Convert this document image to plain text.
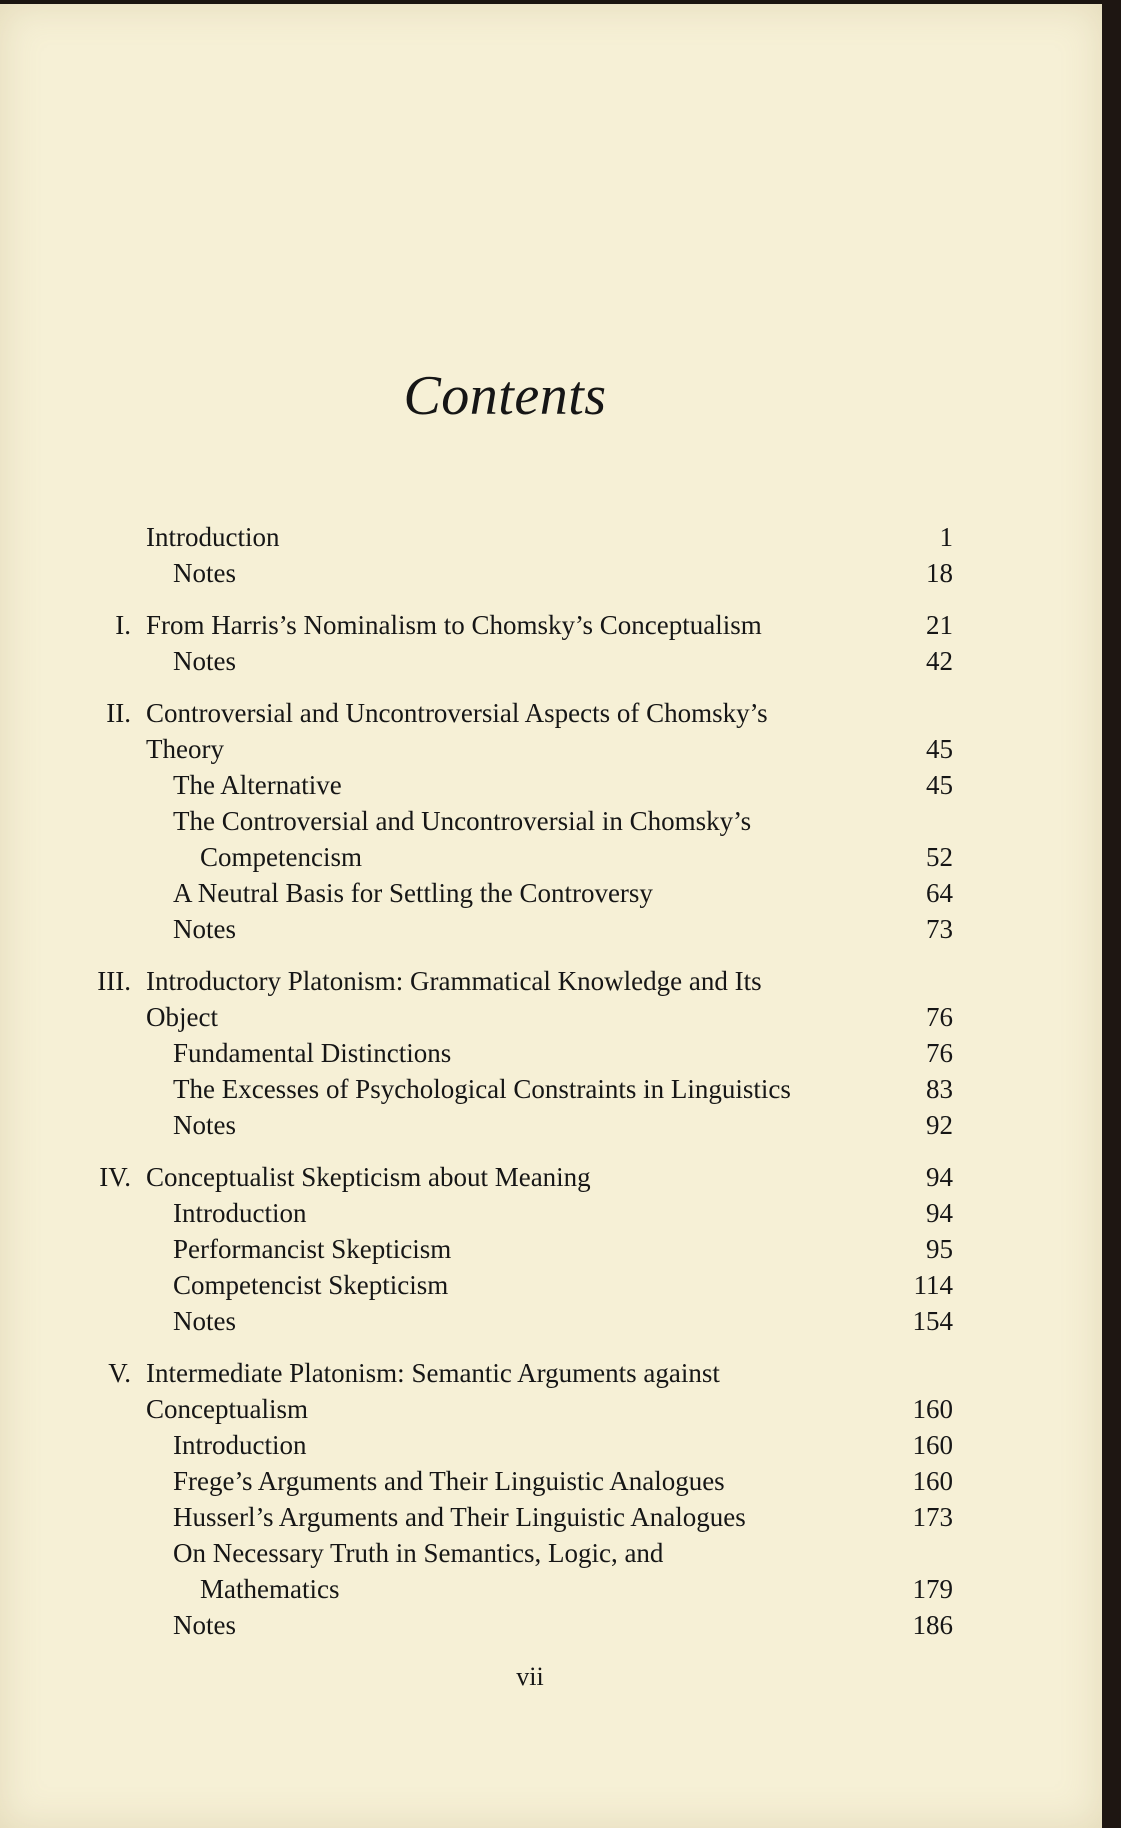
Contents
Introduction	1
Notes	18
I. From Harris’s Nominalism to Chomsky’s Conceptualism	21
Notes	42
II. Controversial and Uncontroversial Aspects of Chomsky’s
Theory	45
The Alternative	45
The Controversial and Uncontroversial in Chomsky’s
Competencism	52
A Neutral Basis for Settling the Controversy	64
Notes	73
III. Introductory Platonism: Grammatical Knowledge and Its
Object	76
Fundamental Distinctions	76
The Excesses of Psychological Constraints in Linguistics	83
Notes	92
IV. Conceptualist Skepticism about Meaning	94
Introduction	94
Performancist Skepticism	95
Competencist Skepticism	114
Notes	154
V. Intermediate Platonism: Semantic Arguments against
Conceptualism	160
Introduction	160
Frege’s Arguments and Their Linguistic Analogues	160
Husserl’s Arguments and Their Linguistic Analogues	173
On Necessary Truth in Semantics, Logic, and
Mathematics	179
Notes	186
vii
